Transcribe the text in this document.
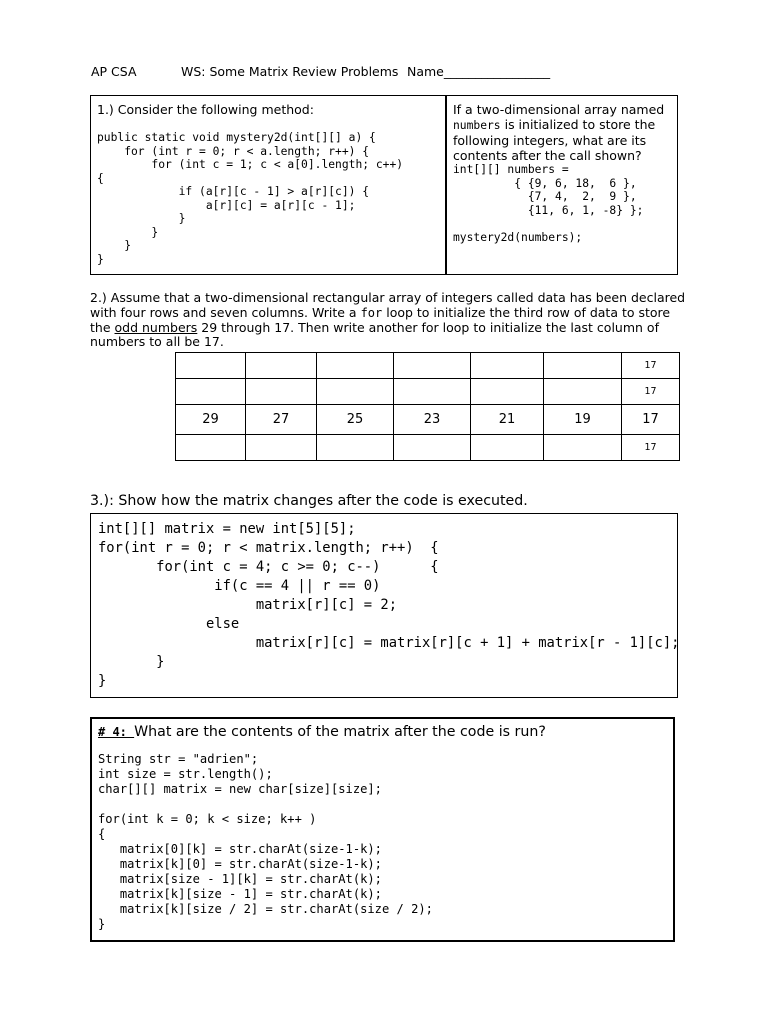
AP CSA	WS: Some Matrix Review Problems Name_________________
1.) Consider the following method:
public static void mystery2d(int[][] a) {
for (int r = 0; r < a.length; r++) {
for (int c = 1; c < a[0].length; c++)
{
if (a[r][c - 1] > a[r][c]) {
a[r][c] = a[r][c - 1];
}
}
}
}
If a two-dimensional array named
numbers is initialized to store the
following integers, what are its
contents after the call shown?
int[][] numbers =
{ {9, 6, 18,  6 },
{7, 4,  2,  9 },
{11, 6, 1, -8} };

mystery2d(numbers);
2.) Assume that a two-dimensional rectangular array of integers called data has been declared with four rows and seven columns. Write a for loop to initialize the third row of data to store the odd numbers 29 through 17. Then write another for loop to initialize the last column of numbers to all be 17.
						17
						17
29	27	25	23	21	19	17
						17
3.): Show how the matrix changes after the code is executed.
int[][] matrix = new int[5][5];
for(int r = 0; r < matrix.length; r++)  {
for(int c = 4; c >= 0; c--)      {
if(c == 4 || r == 0)
matrix[r][c] = 2;
else
matrix[r][c] = matrix[r][c + 1] + matrix[r - 1][c];
}
}
# 4: What are the contents of the matrix after the code is run?
String str = "adrien";
int size = str.length();
char[][] matrix = new char[size][size];

for(int k = 0; k < size; k++ )
{
matrix[0][k] = str.charAt(size-1-k);
matrix[k][0] = str.charAt(size-1-k);
matrix[size - 1][k] = str.charAt(k);
matrix[k][size - 1] = str.charAt(k);
matrix[k][size / 2] = str.charAt(size / 2);
}
